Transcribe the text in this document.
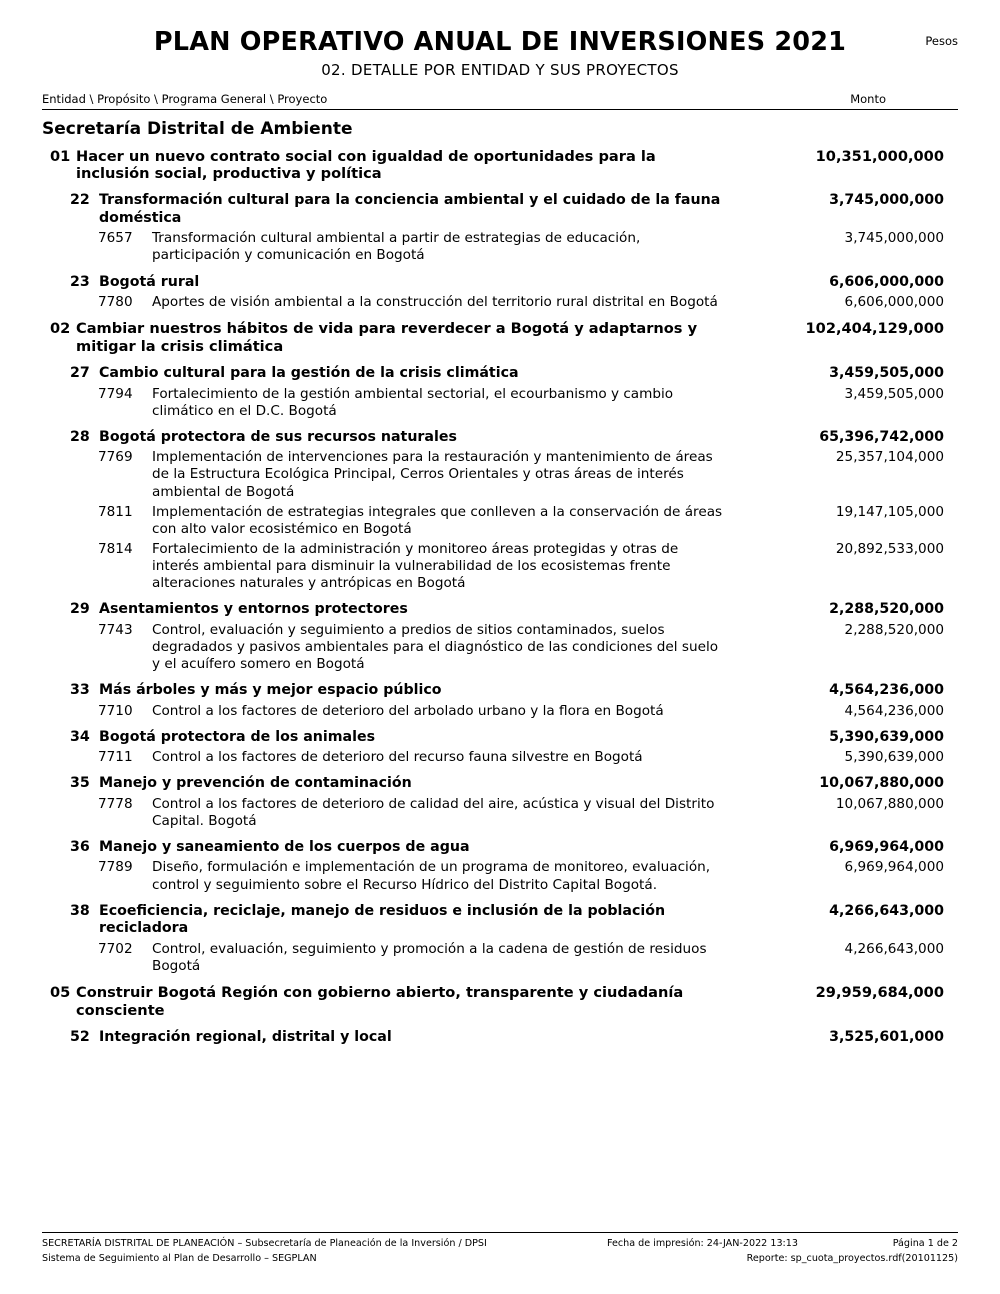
Pesos
PLAN OPERATIVO ANUAL DE INVERSIONES 2021
02. DETALLE POR ENTIDAD Y SUS PROYECTOS
Entidad \ Propósito \ Programa General \ Proyecto	Monto
Secretaría Distrital de Ambiente
01 Hacer un nuevo contrato social con igualdad de oportunidades para la inclusión social, productiva y política
10,351,000,000
22 Transformación cultural para la conciencia ambiental y el cuidado de la fauna doméstica
3,745,000,000
7657	Transformación cultural ambiental a partir de estrategias de educación, participación y comunicación en Bogotá
3,745,000,000
23 Bogotá rural	6,606,000,000
7780	Aportes de visión ambiental a la construcción del territorio rural distrital en Bogotá	6,606,000,000
02 Cambiar nuestros hábitos de vida para reverdecer a Bogotá y adaptarnos y mitigar la crisis climática
102,404,129,000
27 Cambio cultural para la gestión de la crisis climática	3,459,505,000
7794	Fortalecimiento de la gestión ambiental sectorial, el ecourbanismo y cambio climático en el D.C. Bogotá
3,459,505,000
28 Bogotá protectora de sus recursos naturales	65,396,742,000
7769	Implementación de intervenciones para la restauración y mantenimiento de áreas de la Estructura Ecológica Principal, Cerros Orientales y otras áreas de interés ambiental de Bogotá
25,357,104,000
7811	Implementación de estrategias integrales que conlleven a la conservación de áreas con alto valor ecosistémico en Bogotá
19,147,105,000
7814	Fortalecimiento de la administración y monitoreo áreas protegidas y otras de interés ambiental para disminuir la vulnerabilidad de los ecosistemas frente alteraciones naturales y antrópicas en Bogotá
20,892,533,000
29 Asentamientos y entornos protectores	2,288,520,000
7743	Control, evaluación y seguimiento a predios de sitios contaminados, suelos degradados y pasivos ambientales para el diagnóstico de las condiciones del suelo y el acuífero somero en Bogotá
2,288,520,000
33 Más árboles y más y mejor espacio público	4,564,236,000
7710	Control a los factores de deterioro del arbolado urbano y la flora en Bogotá	4,564,236,000
34 Bogotá protectora de los animales	5,390,639,000
7711	Control a los factores de deterioro del recurso fauna silvestre en Bogotá	5,390,639,000
35 Manejo y prevención de contaminación	10,067,880,000
7778	Control a los factores de deterioro de calidad del aire, acústica y visual del Distrito Capital. Bogotá
10,067,880,000
36 Manejo y saneamiento de los cuerpos de agua	6,969,964,000
7789	Diseño, formulación e implementación de un programa de monitoreo, evaluación, control y seguimiento sobre el Recurso Hídrico del Distrito Capital Bogotá.
6,969,964,000
38 Ecoeficiencia, reciclaje, manejo de residuos e inclusión de la población recicladora
4,266,643,000
7702	Control, evaluación, seguimiento y promoción a la cadena de gestión de residuos Bogotá
4,266,643,000
05 Construir Bogotá Región con gobierno abierto, transparente y ciudadanía consciente
29,959,684,000
52 Integración regional, distrital y local	3,525,601,000
SECRETARÍA DISTRITAL DE PLANEACIÓN – Subsecretaría de Planeación de la Inversión / DPSI	Fecha de impresión: 24-JAN-2022 13:13	Página 1 de 2
Sistema de Seguimiento al Plan de Desarrollo – SEGPLAN	Reporte: sp_cuota_proyectos.rdf(20101125)
